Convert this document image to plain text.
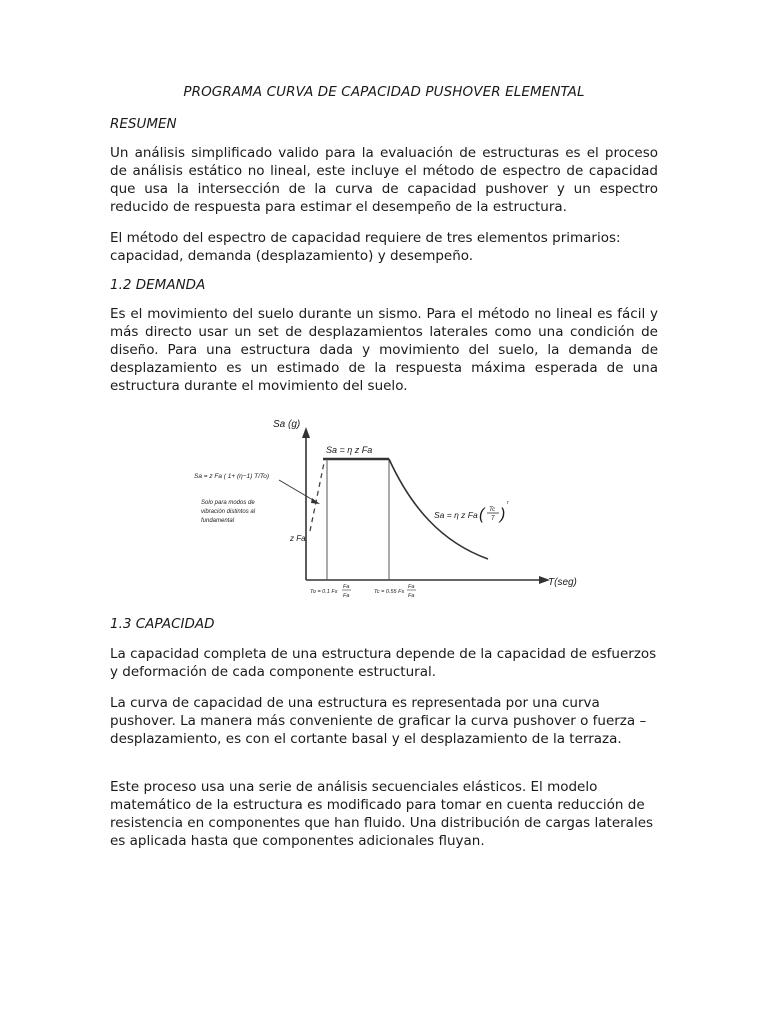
PROGRAMA CURVA DE CAPACIDAD PUSHOVER ELEMENTAL
RESUMEN

Un análisis simplificado valido para la evaluación de estructuras es el proceso de análisis estático no lineal, este incluye el método de espectro de capacidad que usa la intersección de la curva de capacidad pushover y un espectro reducido de respuesta para estimar el desempeño de la estructura.

El método del espectro de capacidad requiere de tres elementos primarios: capacidad, demanda (desplazamiento) y desempeño.

1.2 DEMANDA

Es el movimiento del suelo durante un sismo. Para el método no lineal es fácil y más directo usar un set de desplazamientos laterales como una condición de diseño. Para una estructura dada y movimiento del suelo, la demanda de desplazamiento es un estimado de la respuesta máxima esperada de una estructura durante el movimiento del suelo.

Sa (g)
T(seg)
Sa = η z Fa
Sa = z Fa ( 1+ (η−1) T/To)
Solo para modos de
vibración distintos al
fundamental
z Fa
Sa = η z Fa ( Tc
T )
r
To = 0.1 Fs
Fa
Fa
Tc = 0.55 Fs
Fa
Fa
1.3 CAPACIDAD

La capacidad completa de una estructura depende de la capacidad de esfuerzos y deformación de cada componente estructural.

La curva de capacidad de una estructura es representada por una curva pushover. La manera más conveniente de graficar la curva pushover o fuerza – desplazamiento, es con el cortante basal y el desplazamiento de la terraza.

Este proceso usa una serie de análisis secuenciales elásticos. El modelo matemático de la estructura es modificado para tomar en cuenta reducción de resistencia en componentes que han fluido. Una distribución de cargas laterales es aplicada hasta que componentes adicionales fluyan.
